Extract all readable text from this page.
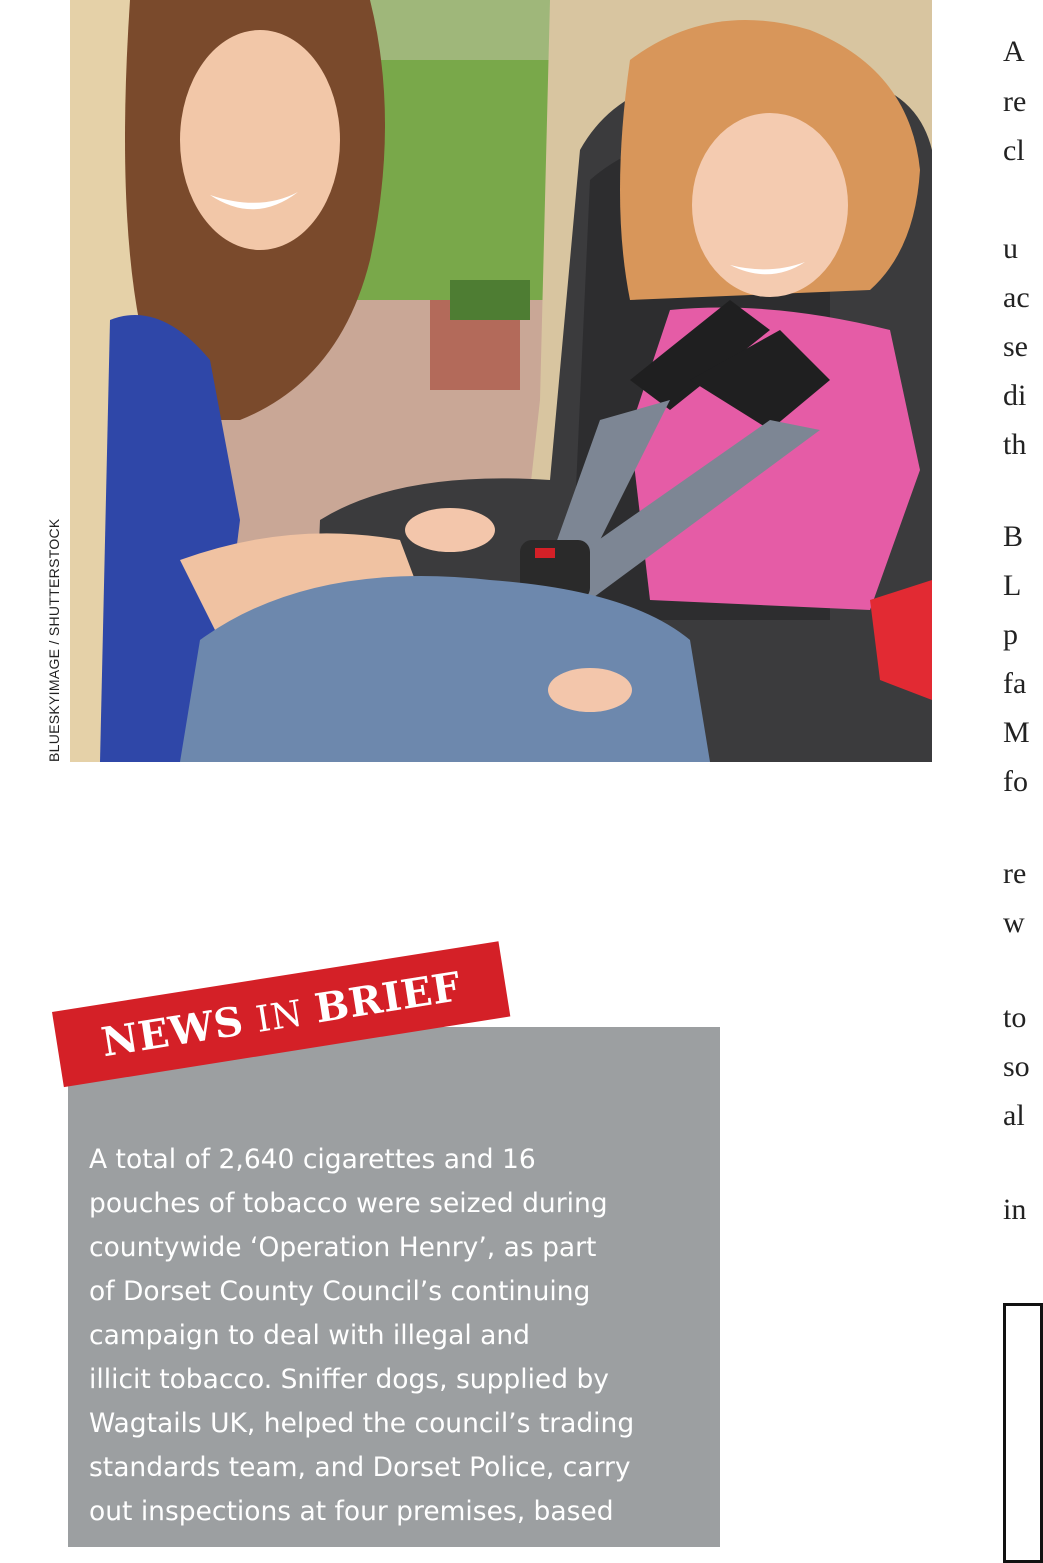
BLUESKYIMAGE / SHUTTERSTOCK
A
re
cl
u
ac
se
di
th
B
L
p
fa
M
fo
re
w
to
so
al
in
NEWS IN BRIEF
A total of 2,640 cigarettes and 16
pouches of tobacco were seized during
countywide ‘Operation Henry’, as part
of Dorset County Council’s continuing
campaign to deal with illegal and
illicit tobacco. Sniffer dogs, supplied by
Wagtails UK, helped the council’s trading
standards team, and Dorset Police, carry
out inspections at four premises, based
